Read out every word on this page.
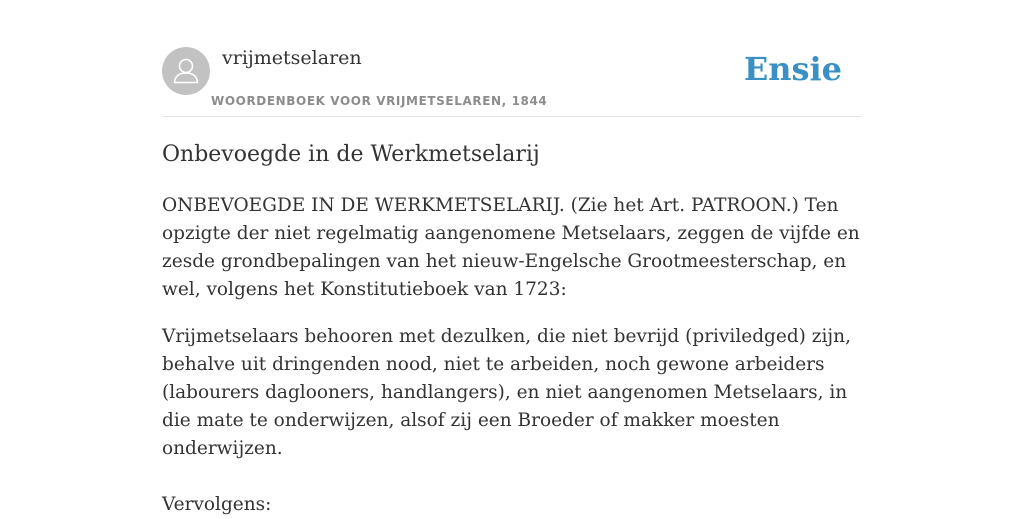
vrijmetselaren
WOORDENBOEK VOOR VRIJMETSELAREN, 1844
Ensie
Onbevoegde in de Werkmetselarij

ONBEVOEGDE IN DE WERKMETSELARIJ. (Zie het Art. PATROON.) Ten opzigte der niet regelmatig aangenomene Metselaars, zeggen de vijfde en zesde grondbepalingen van het nieuw-Engelsche Grootmeesterschap, en wel, volgens het Konstitutieboek van 1723:

Vrijmetselaars behooren met dezulken, die niet bevrijd (priviledged) zijn, behalve uit dringenden nood, niet te arbeiden, noch gewone arbeiders (labourers daglooners, handlangers), en niet aangenomen Metselaars, in die mate te onderwijzen, alsof zij een Broeder of makker moesten onderwijzen.

Vervolgens:
